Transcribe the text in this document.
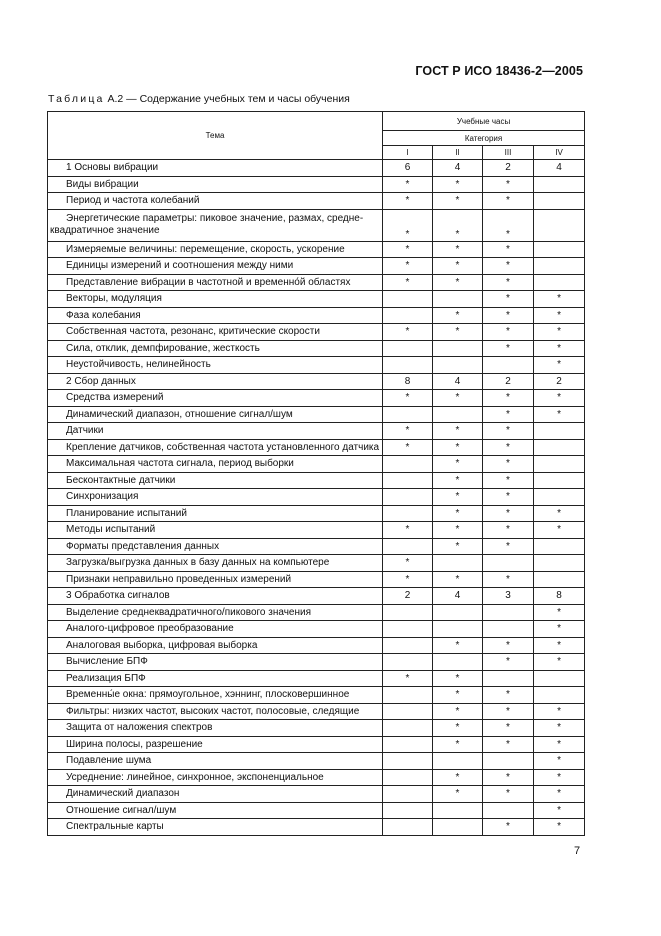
ГОСТ Р ИСО 18436-2—2005
Таблица А.2 — Содержание учебных тем и часы обучения
Тема	Учебные часы			
	Категория			
	I	II	III	IV
1 Основы вибрации	6	4	2	4
Виды вибрации	*	*	*	
Период и частота колебаний	*	*	*	

Энергетические параметры: пиковое значение, размах, средне-
квадратичное значение	*	*	*	
Измеряемые величины: перемещение, скорость, ускорение	*	*	*	
Единицы измерений и соотношения между ними	*	*	*	
Представление вибрации в частотной и временно́й областях	*	*	*	
Векторы, модуляция			*	*
Фаза колебания		*	*	*
Собственная частота, резонанс, критические скорости	*	*	*	*
Сила, отклик, демпфирование, жесткость			*	*
Неустойчивость, нелинейность				*
2 Сбор данных	8	4	2	2
Средства измерений	*	*	*	*
Динамический диапазон, отношение сигнал/шум			*	*
Датчики	*	*	*	
Крепление датчиков, собственная частота установленного датчика	*	*	*	
Максимальная частота сигнала, период выборки		*	*	
Бесконтактные датчики		*	*	
Синхронизация		*	*	
Планирование испытаний		*	*	*
Методы испытаний	*	*	*	*
Форматы представления данных		*	*	
Загрузка/выгрузка данных в базу данных на компьютере	*			
Признаки неправильно проведенных измерений	*	*	*	
3 Обработка сигналов	2	4	3	8
Выделение среднеквадратичного/пикового значения				*
Аналого-цифровое преобразование				*
Аналоговая выборка, цифровая выборка		*	*	*
Вычисление БПФ			*	*
Реализация БПФ	*	*		
Временны́е окна: прямоугольное, хэннинг, плосковершинное		*	*	
Фильтры: низких частот, высоких частот, полосовые, следящие		*	*	*
Защита от наложения спектров		*	*	*
Ширина полосы, разрешение		*	*	*
Подавление шума				*
Усреднение: линейное, синхронное, экспоненциальное		*	*	*
Динамический диапазон		*	*	*
Отношение сигнал/шум				*
Спектральные карты			*	*
7
